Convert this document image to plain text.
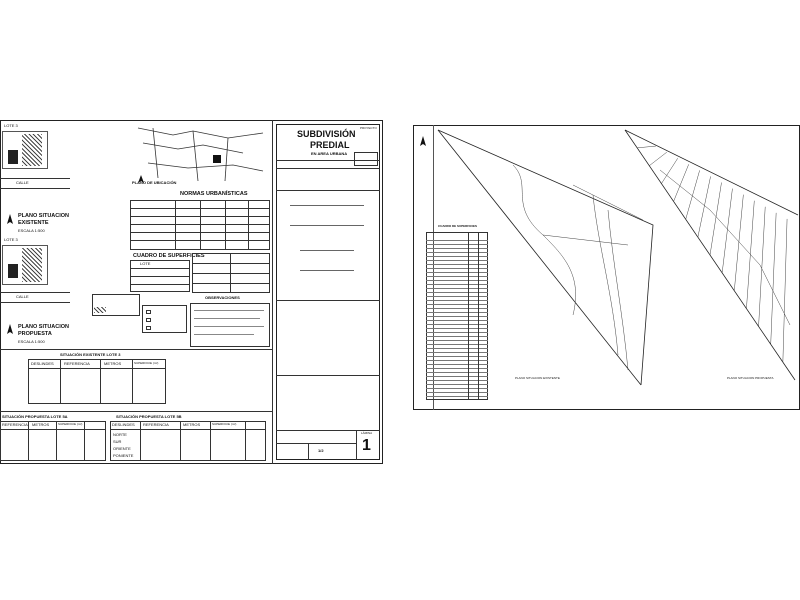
LOTE 3
CALLE
PLANO SITUACION
EXISTENTE
ESCALA 1:500
LOTE 3
CALLE
PLANO SITUACION
PROPUESTA
ESCALA 1:500
PLANO DE UBICACIÓN
NORMAS URBANÍSTICAS
CUADRO DE SUPERFICIES
LOTE
OBSERVACIONES
SITUACIÓN EXISTENTE LOTE 3
DESLINDES	REFERENCIA	METROS	SUPERFICIE (m²)
SITUACIÓN PROPUESTA LOTE 5A
REFERENCIA METROS	SUPERFICIE (m²)
SITUACIÓN PROPUESTA LOTE 5B
DESLINDES REFERENCIA	METROS	SUPERFICIE (m²)
NORTE
SUR
ORIENTE
PONIENTE
PROYECTO
SUBDIVISIÓN
PREDIAL
EN AREA URBANA
LÁMINA
1
1/2
PLANO SITUACION EXISTENTE
CUADRO DE SUPERFICIES
PLANO SITUACION PROPUESTA
